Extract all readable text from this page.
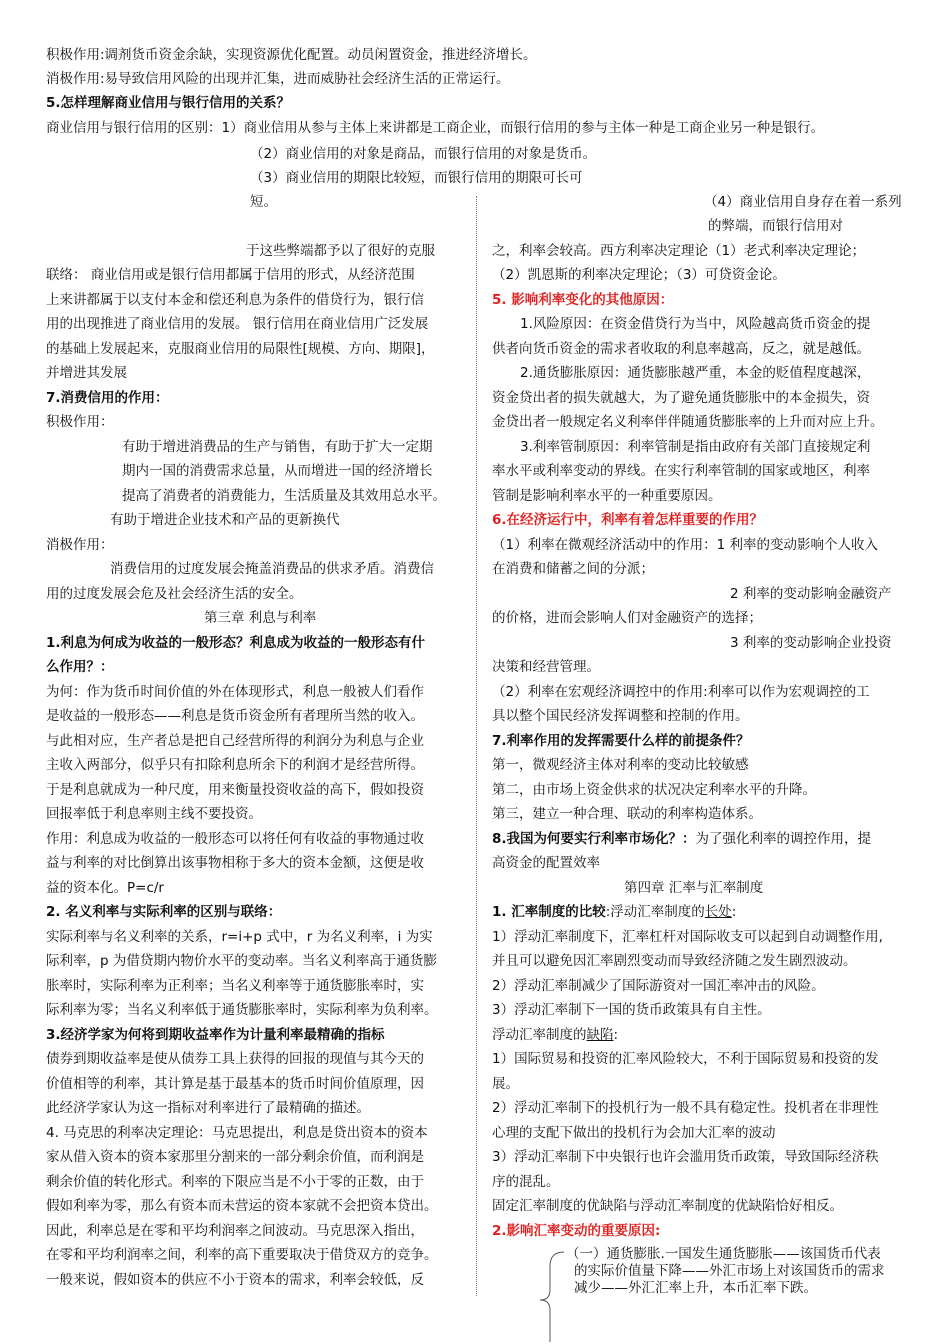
积极作用:调剂货币资金余缺，实现资源优化配置。动员闲置资金，推进经济增长。
消极作用:易导致信用风险的出现并汇集，进而威胁社会经济生活的正常运行。
5.怎样理解商业信用与银行信用的关系？
商业信用与银行信用的区别：1）商业信用从参与主体上来讲都是工商企业，而银行信用的参与主体一种是工商企业另一种是银行。
（2）商业信用的对象是商品，而银行信用的对象是货币。
（3）商业信用的期限比较短，而银行信用的期限可长可
短。	（4）商业信用自身存在着一系列
的弊端，而银行信用对
于这些弊端都予以了很好的克服
联络： 商业信用或是银行信用都属于信用的形式，从经济范围
上来讲都属于以支付本金和偿还利息为条件的借贷行为，银行信
用的出现推进了商业信用的发展。 银行信用在商业信用广泛发展
的基础上发展起来，克服商业信用的局限性[规模、方向、期限]，
并增进其发展
7.消费信用的作用：
积极作用：
有助于增进消费品的生产与销售，有助于扩大一定期
期内一国的消费需求总量，从而增进一国的经济增长
提高了消费者的消费能力，生活质量及其效用总水平。
有助于增进企业技术和产品的更新换代
消极作用：
消费信用的过度发展会掩盖消费品的供求矛盾。消费信
用的过度发展会危及社会经济生活的安全。
第三章 利息与利率
1.利息为何成为收益的一般形态？利息成为收益的一般形态有什
么作用？：
为何：作为货币时间价值的外在体现形式，利息一般被人们看作
是收益的一般形态——利息是货币资金所有者理所当然的收入。
与此相对应，生产者总是把自己经营所得的利润分为利息与企业
主收入两部分，似乎只有扣除利息所余下的利润才是经营所得。
于是利息就成为一种尺度，用来衡量投资收益的高下，假如投资
回报率低于利息率则主线不要投资。
作用：利息成为收益的一般形态可以将任何有收益的事物通过收
益与利率的对比倒算出该事物相称于多大的资本金额，这便是收
益的资本化。P=c/r
2. 名义利率与实际利率的区别与联络：
实际利率与名义利率的关系，r=i+p 式中，r 为名义利率，i 为实
际利率，p 为借贷期内物价水平的变动率。当名义利率高于通货膨
胀率时，实际利率为正利率；当名义利率等于通货膨胀率时，实
际利率为零；当名义利率低于通货膨胀率时，实际利率为负利率。
3.经济学家为何将到期收益率作为计量利率最精确的指标
债券到期收益率是使从债券工具上获得的回报的现值与其今天的
价值相等的利率，其计算是基于最基本的货币时间价值原理，因
此经济学家认为这一指标对利率进行了最精确的描述。
4. 马克思的利率决定理论：马克思提出，利息是贷出资本的资本
家从借入资本的资本家那里分割来的一部分剩余价值，而利润是
剩余价值的转化形式。利率的下限应当是不小于零的正数，由于
假如利率为零，那么有资本而未营运的资本家就不会把资本贷出。
因此，利率总是在零和平均利润率之间波动。马克思深入指出，
在零和平均利润率之间，利率的高下重要取决于借贷双方的竞争。
一般来说，假如资本的供应不小于资本的需求，利率会较低，反
之，利率会较高。西方利率决定理论（1）老式利率决定理论；
（2）凯恩斯的利率决定理论；（3）可贷资金论。
5. 影响利率变化的其他原因：
1.风险原因：在资金借贷行为当中，风险越高货币资金的提
供者向货币资金的需求者收取的利息率越高，反之，就是越低。
2.通货膨胀原因：通货膨胀越严重，本金的贬值程度越深，
资金贷出者的损失就越大，为了避免通货膨胀中的本金损失，资
金贷出者一般规定名义利率伴伴随通货膨胀率的上升而对应上升。
3.利率管制原因：利率管制是指由政府有关部门直接规定利
率水平或利率变动的界线。在实行利率管制的国家或地区，利率
管制是影响利率水平的一种重要原因。
6.在经济运行中，利率有着怎样重要的作用？
（1）利率在微观经济活动中的作用：1 利率的变动影响个人收入
在消费和储蓄之间的分派；
2 利率的变动影响金融资产
的价格，进而会影响人们对金融资产的选择；
3 利率的变动影响企业投资
决策和经营管理。
（2）利率在宏观经济调控中的作用:利率可以作为宏观调控的工
具以整个国民经济发挥调整和控制的作用。
7.利率作用的发挥需要什么样的前提条件？
第一，微观经济主体对利率的变动比较敏感
第二，由市场上资金供求的状况决定利率水平的升降。
第三，建立一种合理、联动的利率构造体系。
8.我国为何要实行利率市场化？：为了强化利率的调控作用，提
高资金的配置效率
第四章 汇率与汇率制度
1. 汇率制度的比较:浮动汇率制度的长处:
1）浮动汇率制度下，汇率杠杆对国际收支可以起到自动调整作用,
并且可以避免因汇率剧烈变动而导致经济随之发生剧烈波动。
2）浮动汇率制减少了国际游资对一国汇率冲击的风险。
3）浮动汇率制下一国的货币政策具有自主性。
浮动汇率制度的缺陷:
1）国际贸易和投资的汇率风险较大，不利于国际贸易和投资的发
展。
2）浮动汇率制下的投机行为一般不具有稳定性。投机者在非理性
心理的支配下做出的投机行为会加大汇率的波动
3）浮动汇率制下中央银行也许会滥用货币政策，导致国际经济秩
序的混乱。
固定汇率制度的优缺陷与浮动汇率制度的优缺陷恰好相反。
2.影响汇率变动的重要原因:
（一）通货膨胀.一国发生通货膨胀——该国货币代表
的实际价值量下降——外汇市场上对该国货币的需求
减少——外汇汇率上升，本币汇率下跌。
